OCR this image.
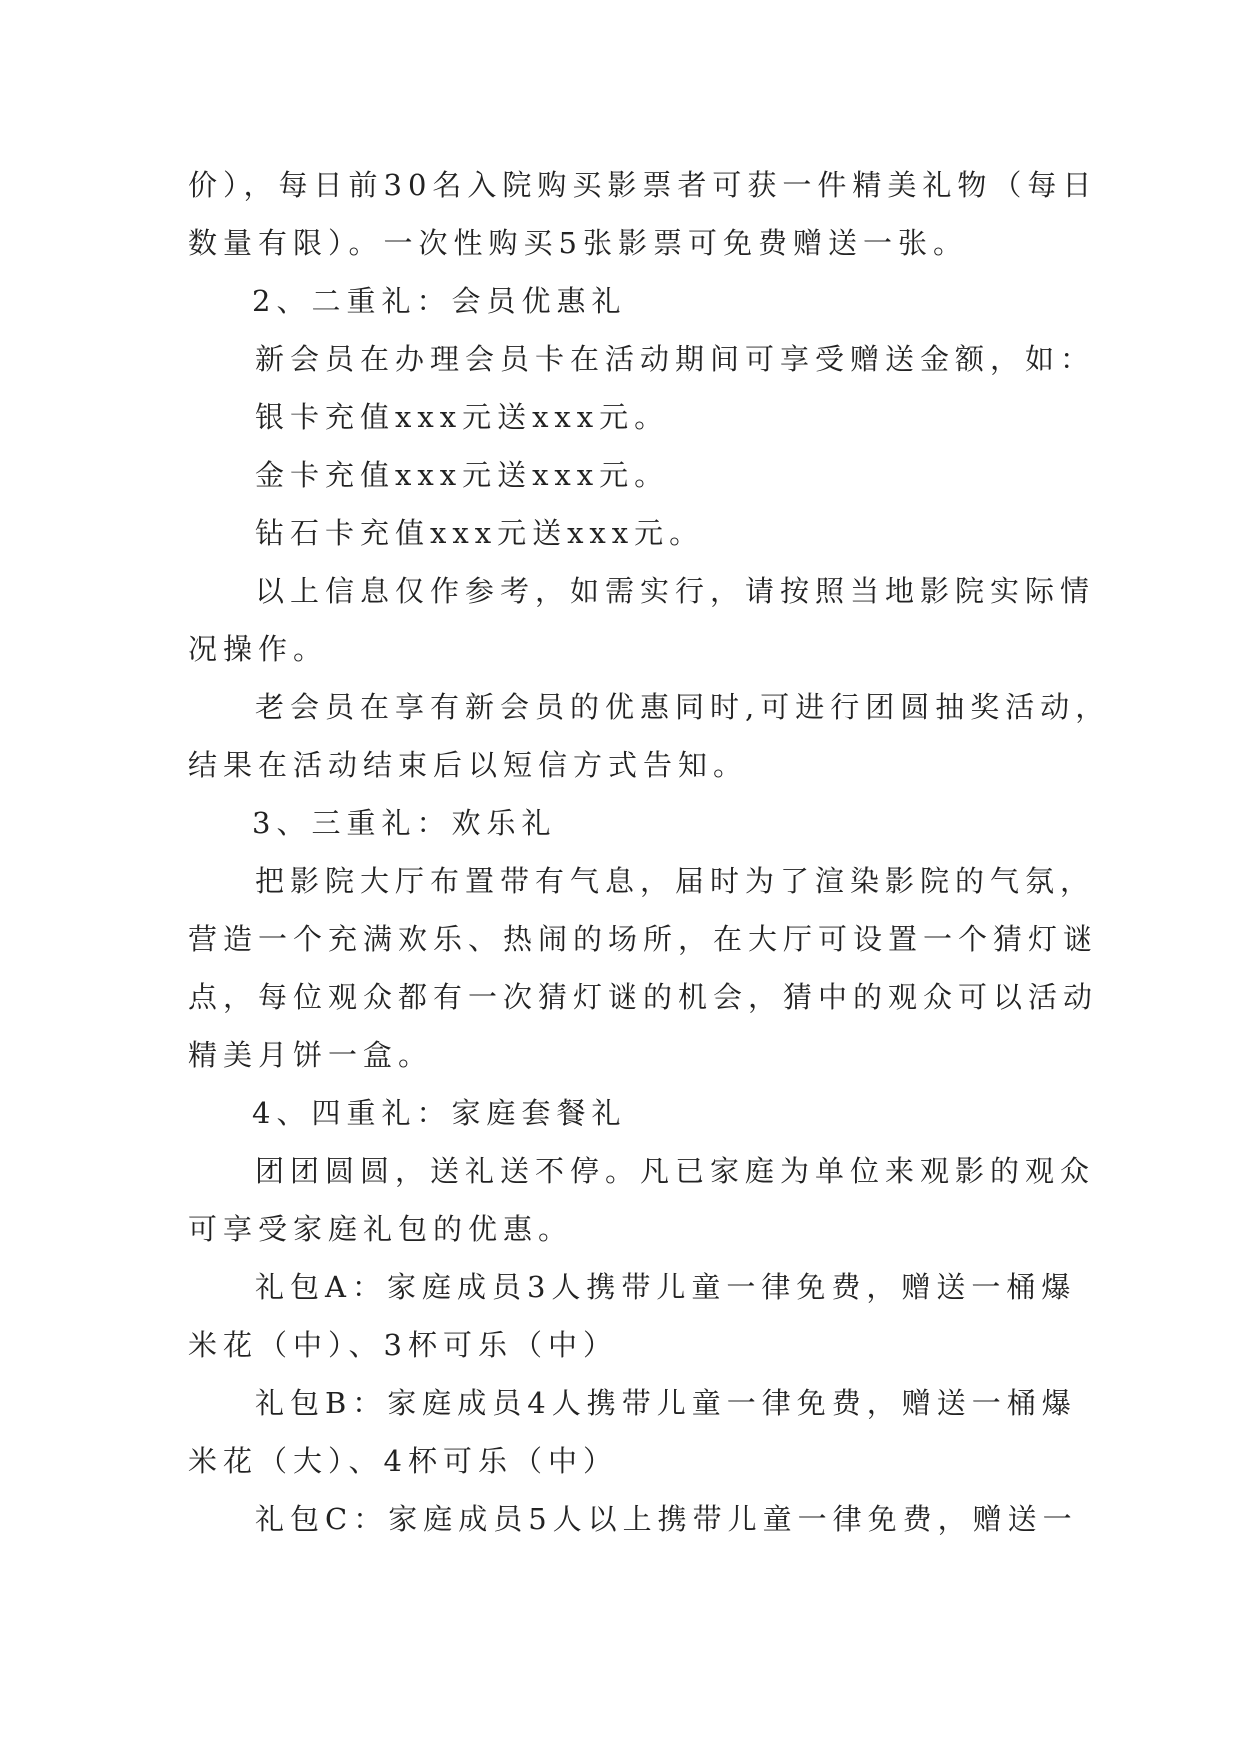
价），每日前30名入院购买影票者可获一件精美礼物（每日
数量有限）。一次性购买5张影票可免费赠送一张。
2、二重礼：会员优惠礼
新会员在办理会员卡在活动期间可享受赠送金额，如：
银卡充值xxx元送xxx元。
金卡充值xxx元送xxx元。
钻石卡充值xxx元送xxx元。
以上信息仅作参考，如需实行，请按照当地影院实际情
况操作。
老会员在享有新会员的优惠同时,可进行团圆抽奖活动，
结果在活动结束后以短信方式告知。
3、三重礼：欢乐礼
把影院大厅布置带有气息，届时为了渲染影院的气氛，
营造一个充满欢乐、热闹的场所，在大厅可设置一个猜灯谜
点，每位观众都有一次猜灯谜的机会，猜中的观众可以活动
精美月饼一盒。
4、四重礼：家庭套餐礼
团团圆圆，送礼送不停。凡已家庭为单位来观影的观众
可享受家庭礼包的优惠。
礼包A：家庭成员3人携带儿童一律免费，赠送一桶爆
米花（中）、3杯可乐（中）
礼包B：家庭成员4人携带儿童一律免费，赠送一桶爆
米花（大）、4杯可乐（中）
礼包C：家庭成员5人以上携带儿童一律免费，赠送一
